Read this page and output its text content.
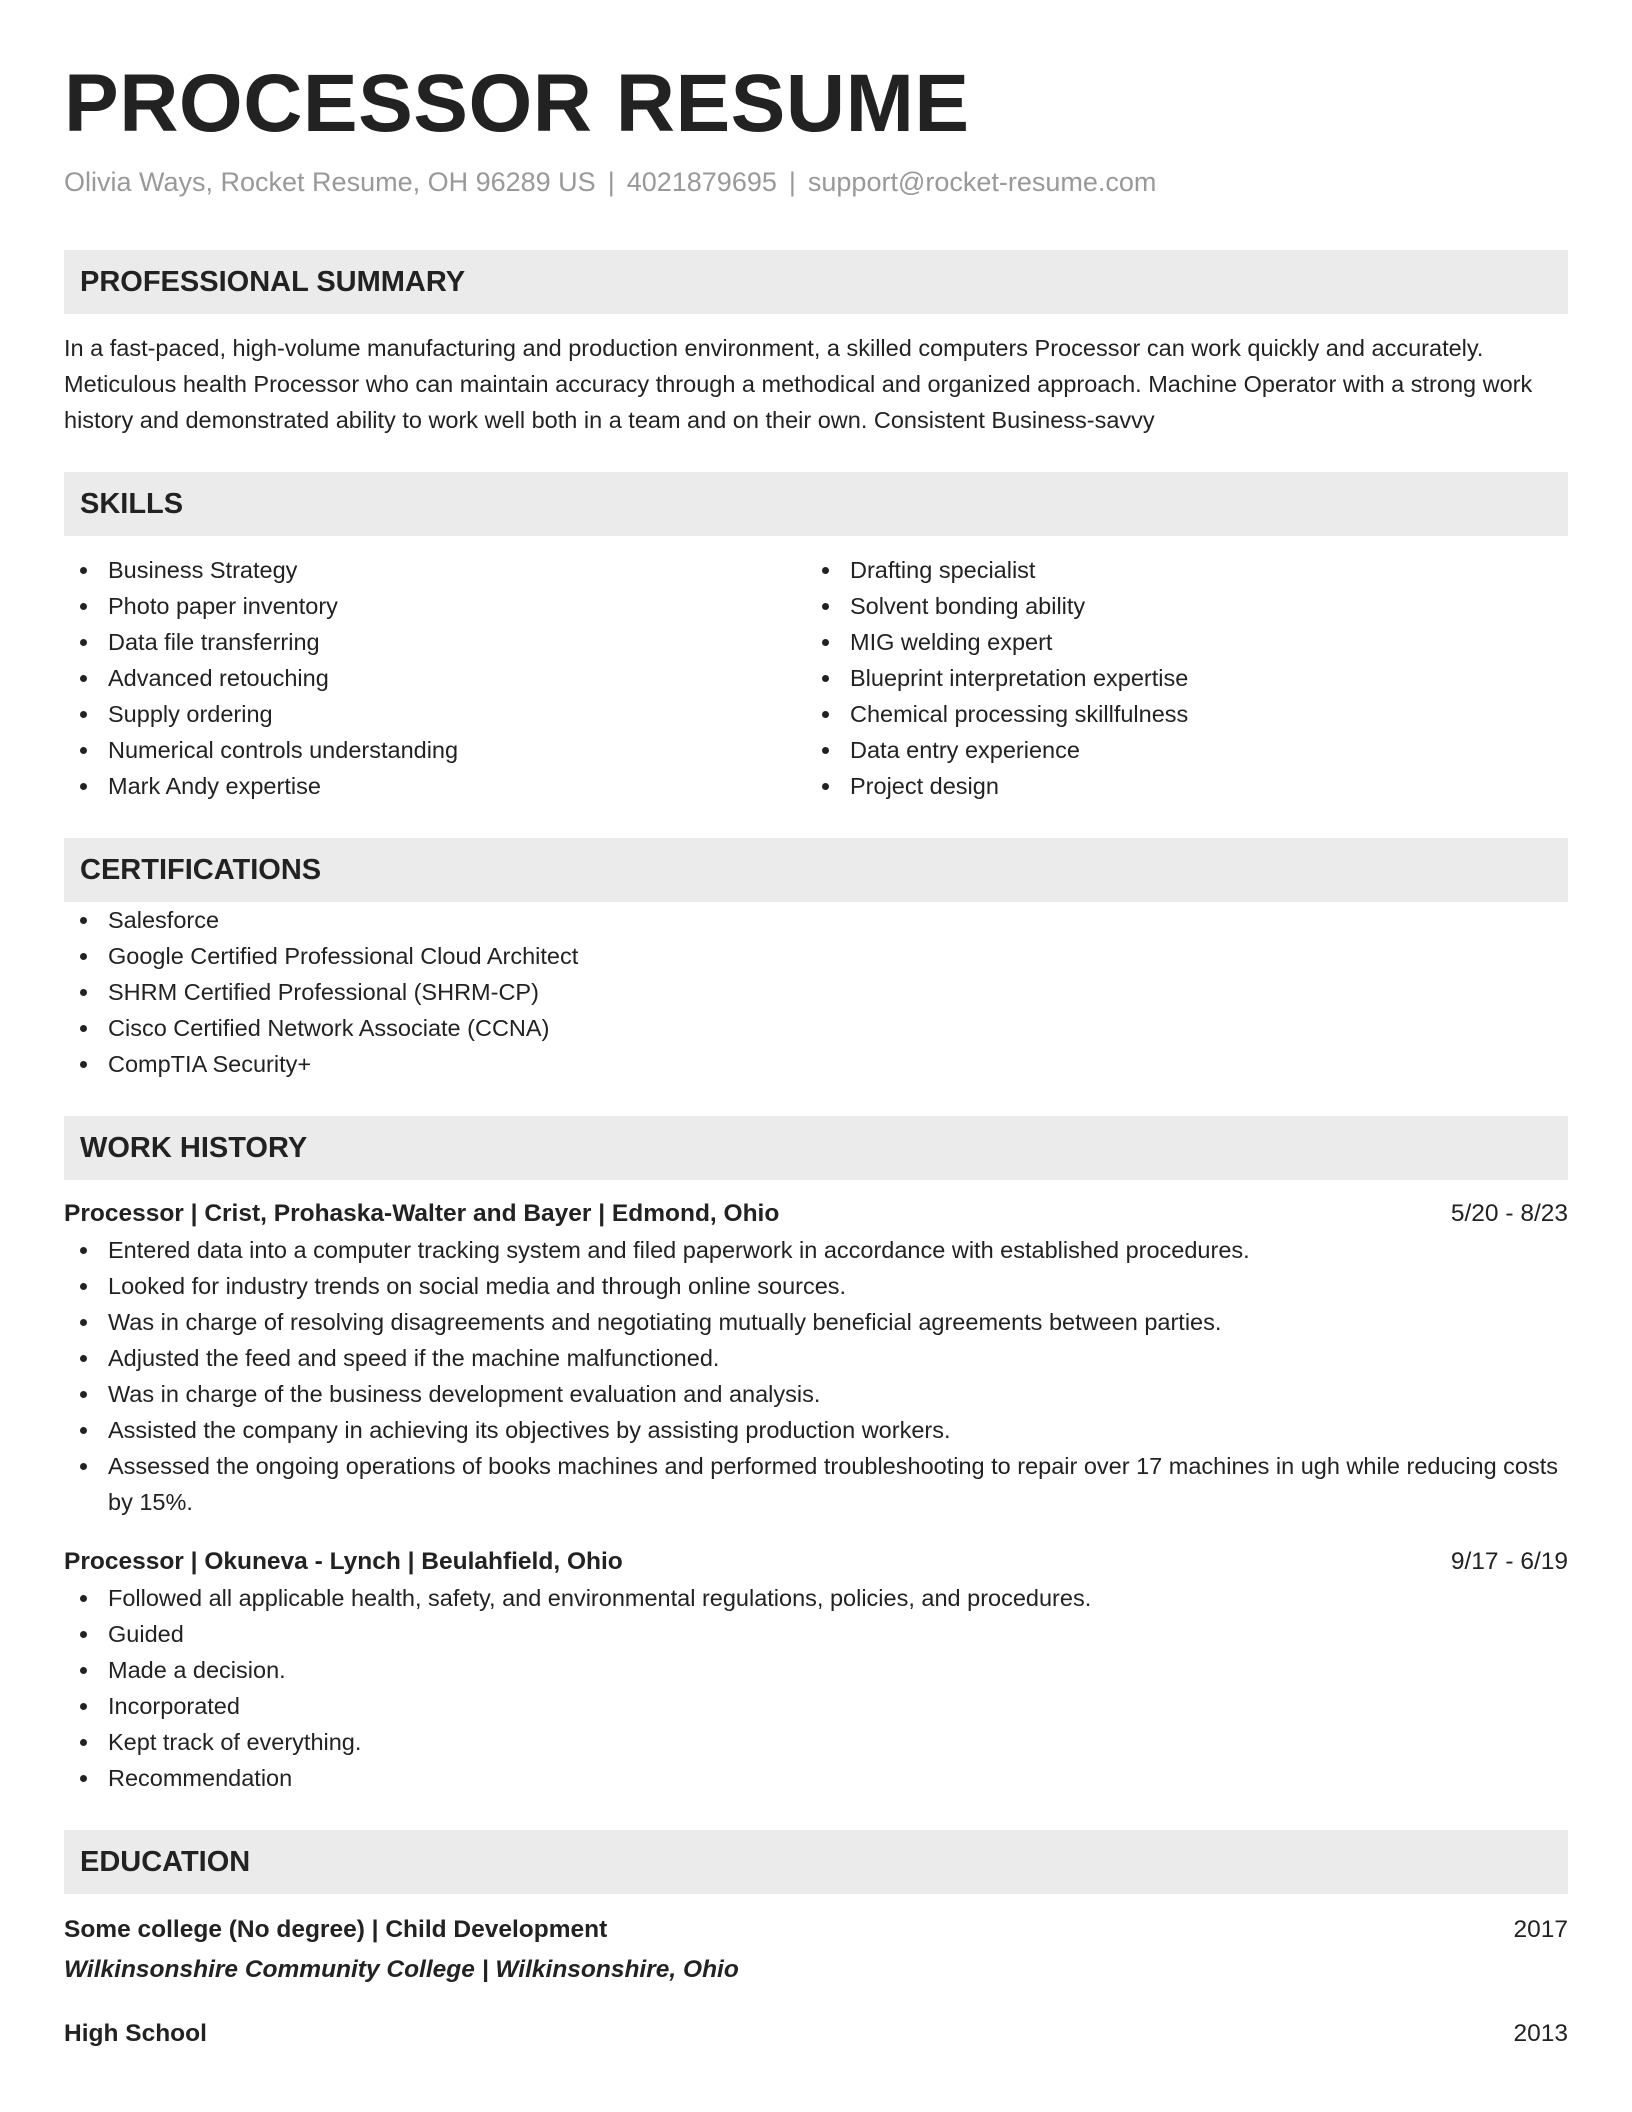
PROCESSOR RESUME
Olivia Ways, Rocket Resume, OH 96289 US | 4021879695 | support@rocket-resume.com
PROFESSIONAL SUMMARY
In a fast-paced, high-volume manufacturing and production environment, a skilled computers Processor can work quickly and accurately. Meticulous health Processor who can maintain accuracy through a methodical and organized approach. Machine Operator with a strong work history and demonstrated ability to work well both in a team and on their own. Consistent Business-savvy
SKILLS
Business Strategy
Photo paper inventory
Data file transferring
Advanced retouching
Supply ordering
Numerical controls understanding
Mark Andy expertise
Drafting specialist
Solvent bonding ability
MIG welding expert
Blueprint interpretation expertise
Chemical processing skillfulness
Data entry experience
Project design
CERTIFICATIONS
Salesforce
Google Certified Professional Cloud Architect
SHRM Certified Professional (SHRM-CP)
Cisco Certified Network Associate (CCNA)
CompTIA Security+
WORK HISTORY
Processor | Crist, Prohaska-Walter and Bayer | Edmond, Ohio	5/20 - 8/23
Entered data into a computer tracking system and filed paperwork in accordance with established procedures.
Looked for industry trends on social media and through online sources.
Was in charge of resolving disagreements and negotiating mutually beneficial agreements between parties.
Adjusted the feed and speed if the machine malfunctioned.
Was in charge of the business development evaluation and analysis.
Assisted the company in achieving its objectives by assisting production workers.
Assessed the ongoing operations of books machines and performed troubleshooting to repair over 17 machines in ugh while reducing costs by 15%.
Processor | Okuneva - Lynch | Beulahfield, Ohio	9/17 - 6/19
Followed all applicable health, safety, and environmental regulations, policies, and procedures.
Guided
Made a decision.
Incorporated
Kept track of everything.
Recommendation
EDUCATION
Some college (No degree) | Child Development	2017
Wilkinsonshire Community College | Wilkinsonshire, Ohio
High School	2013
